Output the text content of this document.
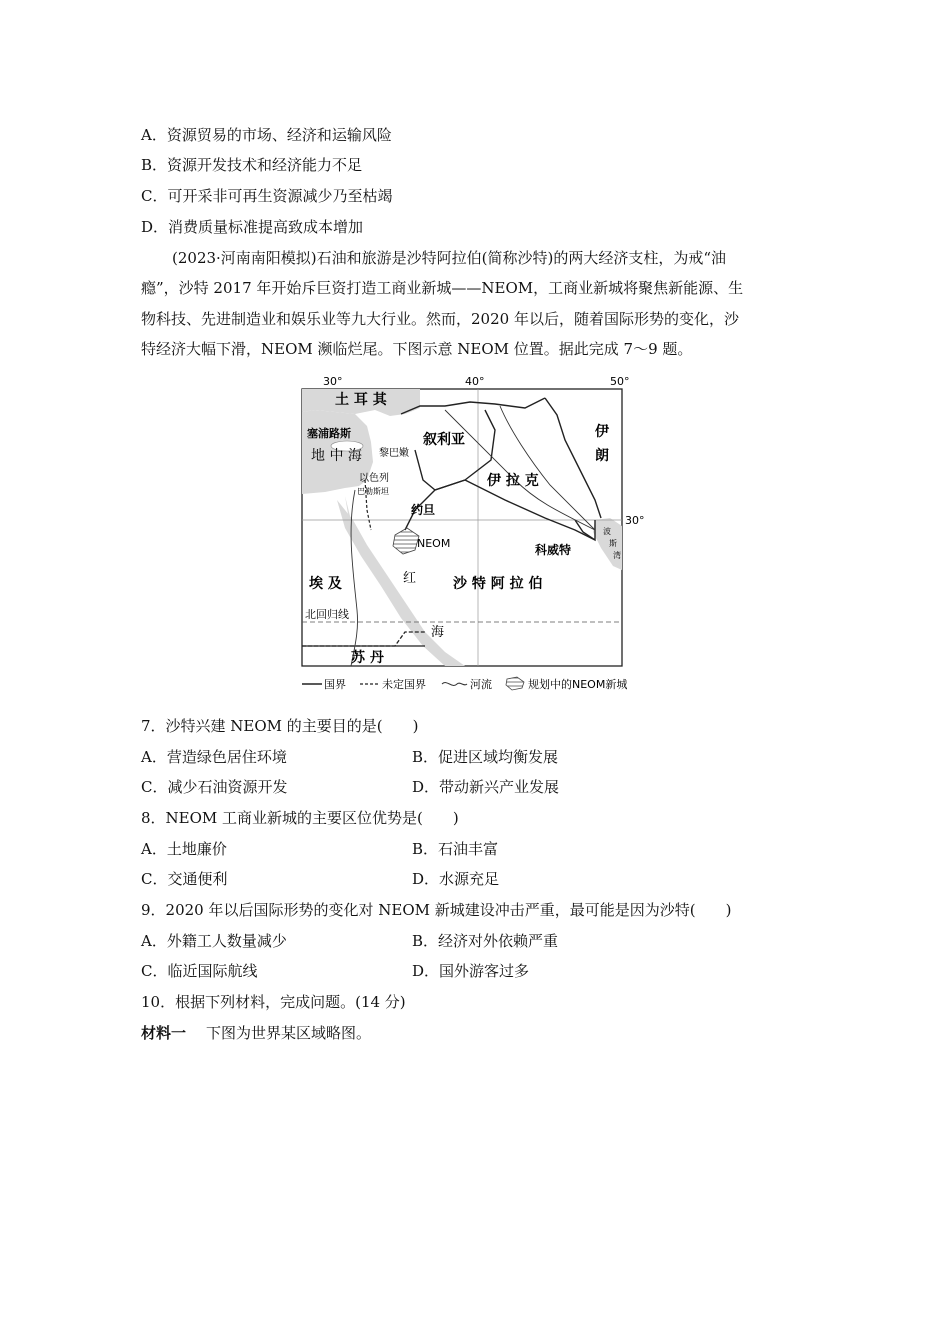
A．资源贸易的市场、经济和运输风险
B．资源开发技术和经济能力不足
C．可开采非可再生资源减少乃至枯竭
D．消费质量标准提高致成本增加
(2023·河南南阳模拟)石油和旅游是沙特阿拉伯(简称沙特)的两大经济支柱，为戒“油
瘾”，沙特 2017 年开始斥巨资打造工商业新城——NEOM，工商业新城将聚焦新能源、生
物科技、先进制造业和娱乐业等九大行业。然而，2020 年以后，随着国际形势的变化，沙
特经济大幅下滑，NEOM 濒临烂尾。下图示意 NEOM 位置。据此完成 7～9 题。
30°	40°	50°
土 耳 其
塞浦路斯
黎巴嫩
叙利亚	伊
朗
地 中 海
以色列
巴勒斯坦
约旦
伊 拉 克
科威特
波
斯
湾
30°
NEOM
埃 及	红	沙 特 阿 拉 伯
北回归线
海
苏 丹
国界	未定国界	河流	规划中的NEOM新城
7．沙特兴建 NEOM 的主要目的是(　　)
A．营造绿色居住环境	B．促进区域均衡发展
C．减少石油资源开发	D．带动新兴产业发展
8．NEOM 工商业新城的主要区位优势是(　　)
A．土地廉价	B．石油丰富
C．交通便利	D．水源充足
9．2020 年以后国际形势的变化对 NEOM 新城建设冲击严重，最可能是因为沙特(　　)
A．外籍工人数量减少	B．经济对外依赖严重
C．临近国际航线	D．国外游客过多
10．根据下列材料，完成问题。(14 分)
材料一 下图为世界某区域略图。
